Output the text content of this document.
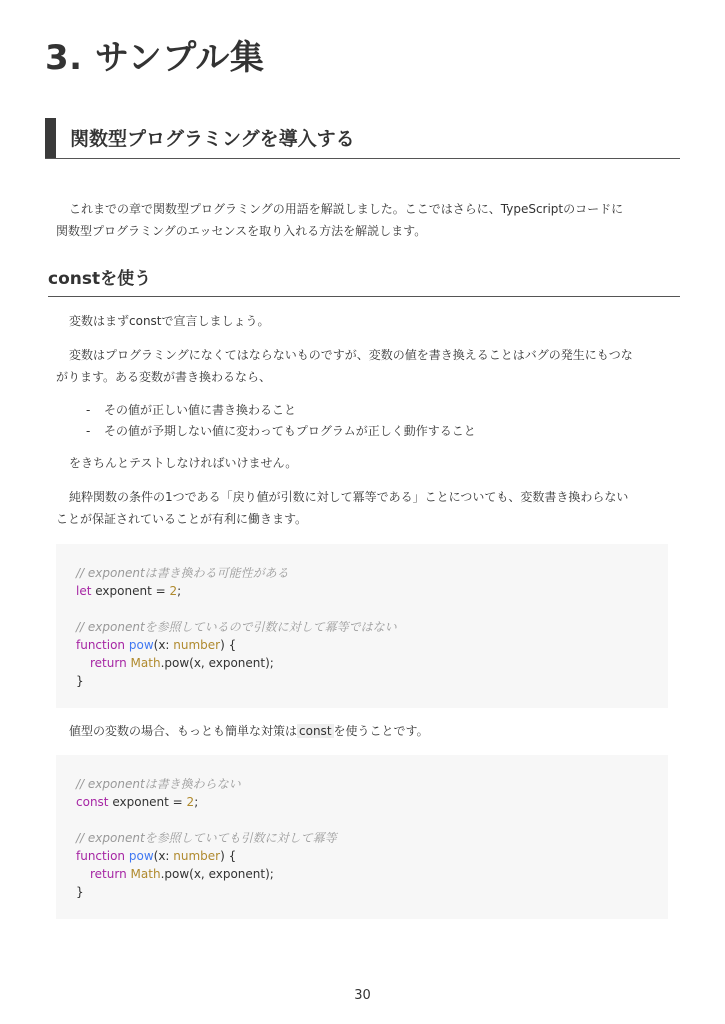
3. サンプル集
関数型プログラミングを導入する

これまでの章で関数型プログラミングの用語を解説しました。ここではさらに、TypeScriptのコードに
関数型プログラミングのエッセンスを取り入れる方法を解説します。

constを使う

変数はまずconstで宣言しましょう。

変数はプログラミングになくてはならないものですが、変数の値を書き換えることはバグの発生にもつな
がります。ある変数が書き換わるなら、

- その値が正しい値に書き換わること
- その値が予期しない値に変わってもプログラムが正しく動作すること

をきちんとテストしなければいけません。

純粋関数の条件の1つである「戻り値が引数に対して冪等である」ことについても、変数書き換わらない
ことが保証されていることが有利に働きます。

// exponentは書き換わる可能性がある
let exponent = 2;
// exponentを参照しているので引数に対して冪等ではない
function pow(x: number) {
return Math.pow(x, exponent);
}

値型の変数の場合、もっとも簡単な対策は const を使うことです。

// exponentは書き換わらない
const exponent = 2;
// exponentを参照していても引数に対して冪等
function pow(x: number) {
return Math.pow(x, exponent);
}
30
